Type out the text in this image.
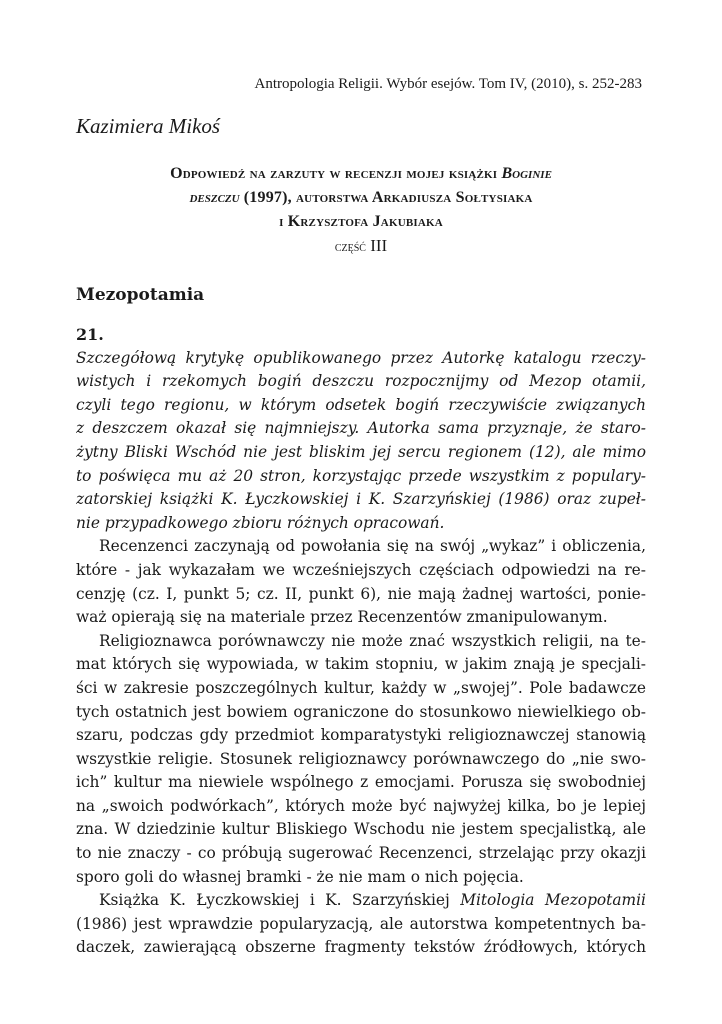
Antropologia Religii. Wybór esejów. Tom IV, (2010), s. 252-283
Kazimiera Mikoś
Odpowiedź na zarzuty w recenzji mojej książki Boginie
deszczu (1997), autorstwa Arkadiusza Sołtysiaka
i Krzysztofa Jakubiaka
część III
Mezopotamia
21.
Szczegółową krytykę opublikowanego przez Autorkę katalogu rzeczy-
wistych i rzekomych bogiń deszczu rozpocznijmy od Mezop otamii,
czyli tego regionu, w którym odsetek bogiń rzeczywiście związanych
z deszczem okazał się najmniejszy. Autorka sama przyznaje, że staro-
żytny Bliski Wschód nie jest bliskim jej sercu regionem (12), ale mimo
to poświęca mu aż 20 stron, korzystając przede wszystkim z populary-
zatorskiej książki K. Łyczkowskiej i K. Szarzyńskiej (1986) oraz zupeł-
nie przypadkowego zbioru różnych opracowań.
Recenzenci zaczynają od powołania się na swój „wykaz” i obliczenia,
które - jak wykazałam we wcześniejszych częściach odpowiedzi na re-
cenzję (cz. I, punkt 5; cz. II, punkt 6), nie mają żadnej wartości, ponie-
waż opierają się na materiale przez Recenzentów zmanipulowanym.
Religioznawca porównawczy nie może znać wszystkich religii, na te-
mat których się wypowiada, w takim stopniu, w jakim znają je specjali-
ści w zakresie poszczególnych kultur, każdy w „swojej”. Pole badawcze
tych ostatnich jest bowiem ograniczone do stosunkowo niewielkiego ob-
szaru, podczas gdy przedmiot komparatystyki religioznawczej stanowią
wszystkie religie. Stosunek religioznawcy porównawczego do „nie swo-
ich” kultur ma niewiele wspólnego z emocjami. Porusza się swobodniej
na „swoich podwórkach”, których może być najwyżej kilka, bo je lepiej
zna. W dziedzinie kultur Bliskiego Wschodu nie jestem specjalistką, ale
to nie znaczy - co próbują sugerować Recenzenci, strzelając przy okazji
sporo goli do własnej bramki - że nie mam o nich pojęcia.
Książka K. Łyczkowskiej i K. Szarzyńskiej Mitologia Mezopotamii
(1986) jest wprawdzie popularyzacją, ale autorstwa kompetentnych ba-
daczek, zawierającą obszerne fragmenty tekstów źródłowych, których
